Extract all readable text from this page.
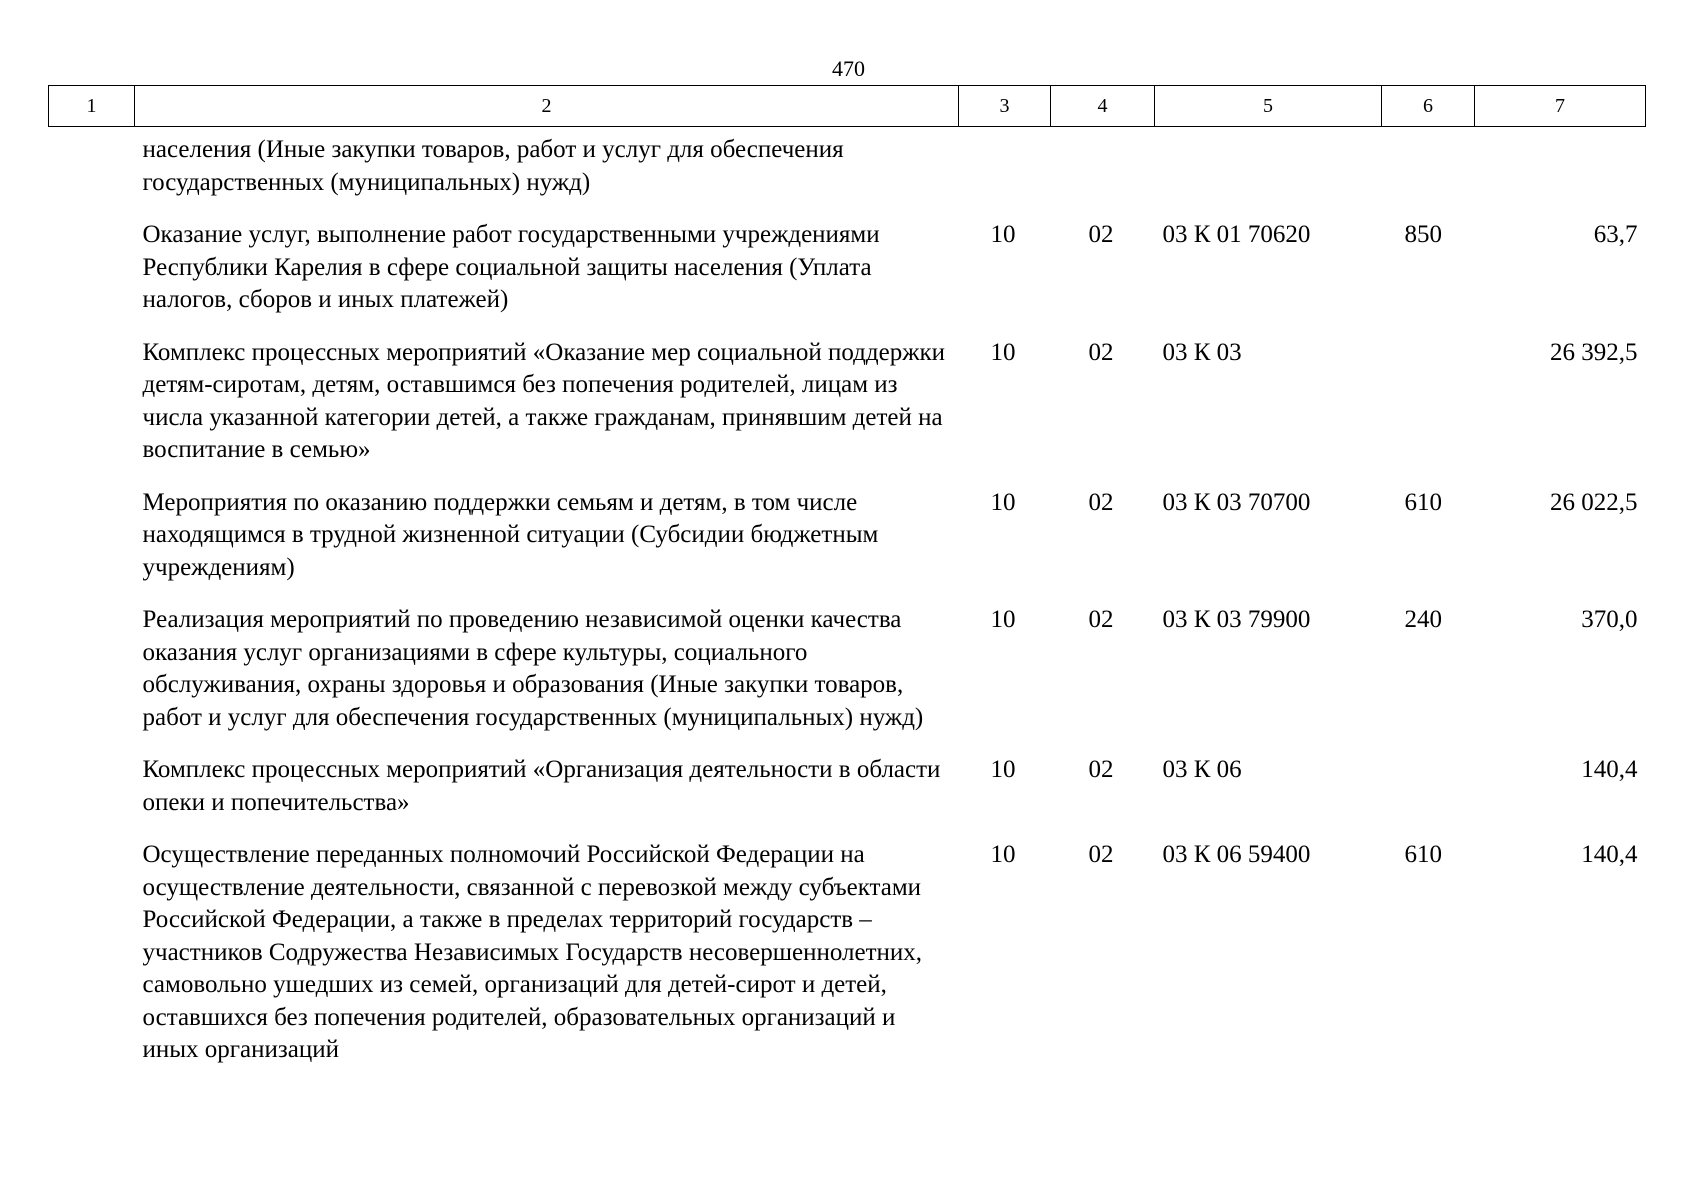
470
1	2	3	4	5	6	7
	населения (Иные закупки товаров, работ и услуг для обеспечения государственных (муниципальных) нужд)					
	Оказание услуг, выполнение работ государственными учреждениями Республики Карелия в сфере социальной защиты населения (Уплата налогов, сборов и иных платежей)	10	02	03 К 01 70620	850	63,7
	Комплекс процессных мероприятий «Оказание мер социальной поддержки детям-сиротам, детям, оставшимся без попечения родителей, лицам из числа указанной категории детей, а также гражданам, принявшим детей на воспитание в семью»	10	02	03 К 03		26 392,5
	Мероприятия по оказанию поддержки семьям и детям, в том числе находящимся в трудной жизненной ситуации (Субсидии бюджетным учреждениям)	10	02	03 К 03 70700	610	26 022,5
	Реализация мероприятий по проведению независимой оценки качества оказания услуг организациями в сфере культуры, социального обслуживания, охраны здоровья и образования (Иные закупки товаров, работ и услуг для обеспечения государственных (муниципальных) нужд)	10	02	03 К 03 79900	240	370,0
	Комплекс процессных мероприятий «Организация деятельности в области опеки и попечительства»	10	02	03 К 06		140,4
	Осуществление переданных полномочий Российской Федерации на осуществление деятельности, связанной с перевозкой между субъектами Российской Федерации, а также в пределах территорий государств – участников Содружества Независимых Государств несовершеннолетних, самовольно ушедших из семей, организаций для детей-сирот и детей, оставшихся без попечения родителей, образовательных организаций и иных организаций	10	02	03 К 06 59400	610	140,4
